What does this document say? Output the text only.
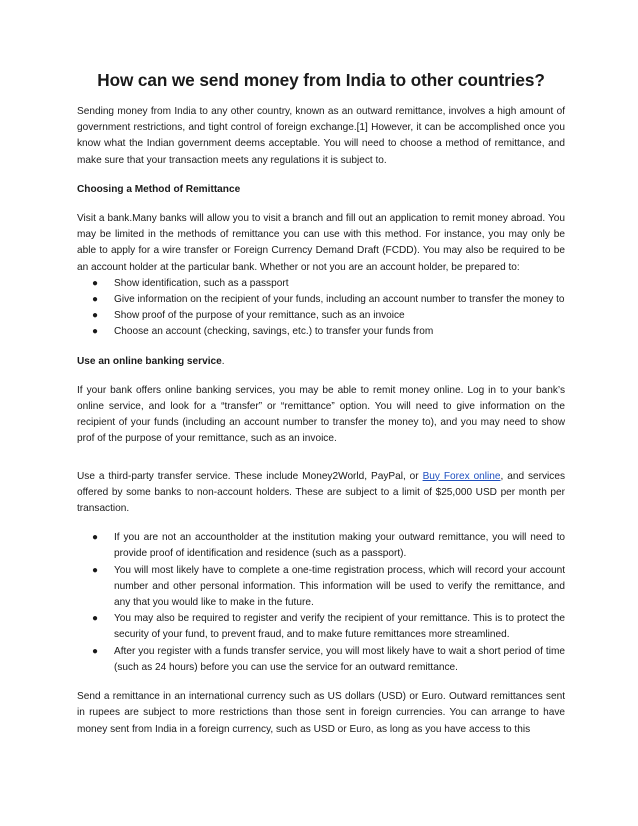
How can we send money from India to other countries?

Sending money from India to any other country, known as an outward remittance, involves a high amount of government restrictions, and tight control of foreign exchange.[1] However, it can be accomplished once you know what the Indian government deems acceptable. You will need to choose a method of remittance, and make sure that your transaction meets any regulations it is subject to.

Choosing a Method of Remittance

Visit a bank.Many banks will allow you to visit a branch and fill out an application to remit money abroad. You may be limited in the methods of remittance you can use with this method. For instance, you may only be able to apply for a wire transfer or Foreign Currency Demand Draft (FCDD). You may also be required to be an account holder at the particular bank. Whether or not you are an account holder, be prepared to:

● Show identification, such as a passport
● Give information on the recipient of your funds, including an account number to transfer the money to
● Show proof of the purpose of your remittance, such as an invoice
● Choose an account (checking, savings, etc.) to transfer your funds from

Use an online banking service.

If your bank offers online banking services, you may be able to remit money online. Log in to your bank’s online service, and look for a “transfer” or “remittance” option. You will need to give information on the recipient of your funds (including an account number to transfer the money to), and you may need to show prof of the purpose of your remittance, such as an invoice.

Use a third-party transfer service. These include Money2World, PayPal, or Buy Forex online, and services offered by some banks to non-account holders. These are subject to a limit of $25,000 USD per month per transaction.

● If you are not an accountholder at the institution making your outward remittance, you will need to provide proof of identification and residence (such as a passport).
● You will most likely have to complete a one-time registration process, which will record your account number and other personal information. This information will be used to verify the remittance, and any that you would like to make in the future.
● You may also be required to register and verify the recipient of your remittance. This is to protect the security of your fund, to prevent fraud, and to make future remittances more streamlined.
● After you register with a funds transfer service, you will most likely have to wait a short period of time (such as 24 hours) before you can use the service for an outward remittance.

Send a remittance in an international currency such as US dollars (USD) or Euro. Outward remittances sent in rupees are subject to more restrictions than those sent in foreign currencies. You can arrange to have money sent from India in a foreign currency, such as USD or Euro, as long as you have access to this
